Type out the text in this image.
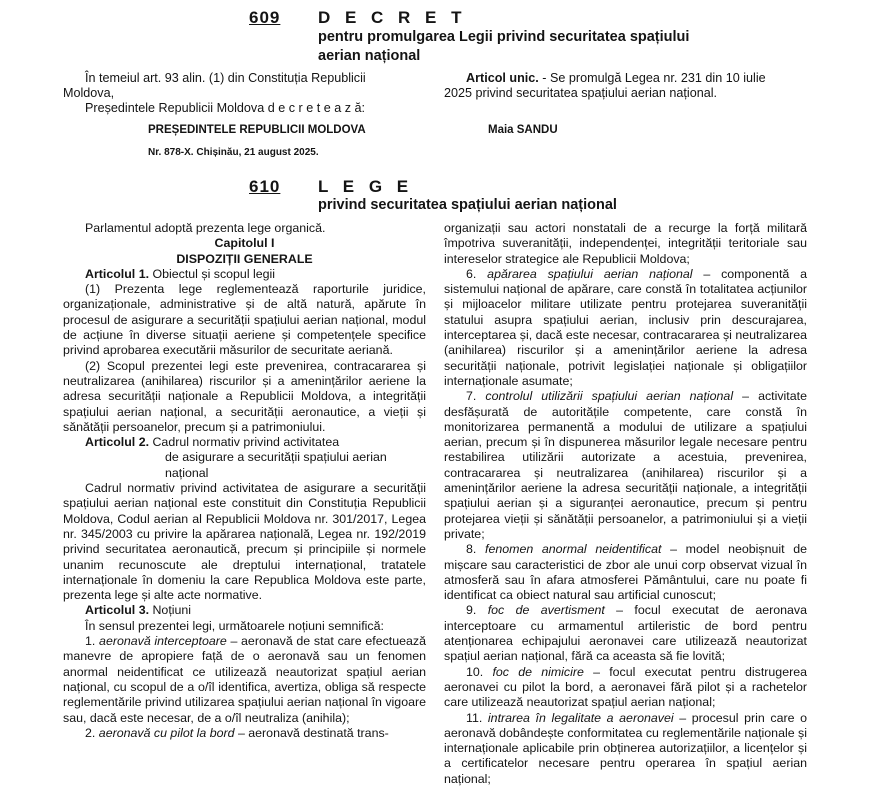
609 D E C R E T
pentru promulgarea Legii privind securitatea spațiului aerian național
În temeiul art. 93 alin. (1) din Constituția Republicii
Moldova,
Președintele Republicii Moldova d e c r e t e a z ă:
Articol unic. - Se promulgă Legea nr. 231 din 10 iulie
2025 privind securitatea spațiului aerian național.
PREȘEDINTELE REPUBLICII MOLDOVA	Maia SANDU
Nr. 878-X. Chișinău, 21 august 2025.
610 L E G E
privind securitatea spațiului aerian național

Parlamentul adoptă prezenta lege organică.

Capitolul I

DISPOZIȚII GENERALE

Articolul 1. Obiectul și scopul legii

(1) Prezenta lege reglementează raporturile juridice, organizaționale, administrative și de altă natură, apărute în procesul de asigurare a securității spațiului aerian național, modul de acțiune în diverse situații aeriene și competențele specifice privind aprobarea executării măsurilor de securitate aeriană.

(2) Scopul prezentei legi este prevenirea, contracararea și neutralizarea (anihilarea) riscurilor și a amenințărilor aeriene la adresa securității naționale a Republicii Moldova, a integrității spațiului aerian național, a securității aeronautice, a vieții și sănătății persoanelor, precum și a patrimoniului.

Articolul 2. Cadrul normativ privind activitatea

de asigurare a securității spațiului aerian

național

Cadrul normativ privind activitatea de asigurare a securității spațiului aerian național este constituit din Constituția Republicii Moldova, Codul aerian al Republicii Moldova nr. 301/2017, Legea nr. 345/2003 cu privire la apărarea națională, Legea nr. 192/2019 privind securitatea aeronautică, precum și principiile și normele unanim recunoscute ale dreptului internațional, tratatele internaționale în domeniu la care Republica Moldova este parte, prezenta lege și alte acte normative.

Articolul 3. Noțiuni

În sensul prezentei legi, următoarele noțiuni semnifică:

1. aeronavă interceptoare – aeronavă de stat care efectuează manevre de apropiere față de o aeronavă sau un fenomen anormal neidentificat ce utilizează neautorizat spațiul aerian național, cu scopul de a o/îl identifica, avertiza, obliga să respecte reglementările privind utilizarea spațiului aerian național în vigoare sau, dacă este necesar, de a o/îl neutraliza (anihila);

2. aeronavă cu pilot la bord – aeronavă destinată trans-

organizații sau actori nonstatali de a recurge la forță militară împotriva suveranității, independenței, integrității teritoriale sau intereselor strategice ale Republicii Moldova;

6. apărarea spațiului aerian național – componentă a sistemului național de apărare, care constă în totalitatea acțiunilor și mijloacelor militare utilizate pentru protejarea suveranității statului asupra spațiului aerian, inclusiv prin descurajarea, interceptarea și, dacă este necesar, contracararea și neutralizarea (anihilarea) riscurilor și a amenințărilor aeriene la adresa securității naționale, potrivit legislației naționale și obligațiilor internaționale asumate;

7. controlul utilizării spațiului aerian național – activitate desfășurată de autoritățile competente, care constă în monitorizarea permanentă a modului de utilizare a spațiului aerian, precum și în dispunerea măsurilor legale necesare pentru restabilirea utilizării autorizate a acestuia, prevenirea, contracararea și neutralizarea (anihilarea) riscurilor și a amenințărilor aeriene la adresa securității naționale, a integrității spațiului aerian și a siguranței aeronautice, precum și pentru protejarea vieții și sănătății persoanelor, a patrimoniului și a vieții private;

8. fenomen anormal neidentificat – model neobișnuit de mișcare sau caracteristici de zbor ale unui corp observat vizual în atmosferă sau în afara atmosferei Pământului, care nu poate fi identificat ca obiect natural sau artificial cunoscut;

9. foc de avertisment – focul executat de aeronava interceptoare cu armamentul artileristic de bord pentru atenționarea echipajului aeronavei care utilizează neautorizat spațiul aerian național, fără ca aceasta să fie lovită;

10. foc de nimicire – focul executat pentru distrugerea aeronavei cu pilot la bord, a aeronavei fără pilot și a rachetelor care utilizează neautorizat spațiul aerian național;

11. intrarea în legalitate a aeronavei – procesul prin care o aeronavă dobândește conformitatea cu reglementările naționale și internaționale aplicabile prin obținerea autorizațiilor, a licențelor și a certificatelor necesare pentru operarea în spațiul aerian național;
